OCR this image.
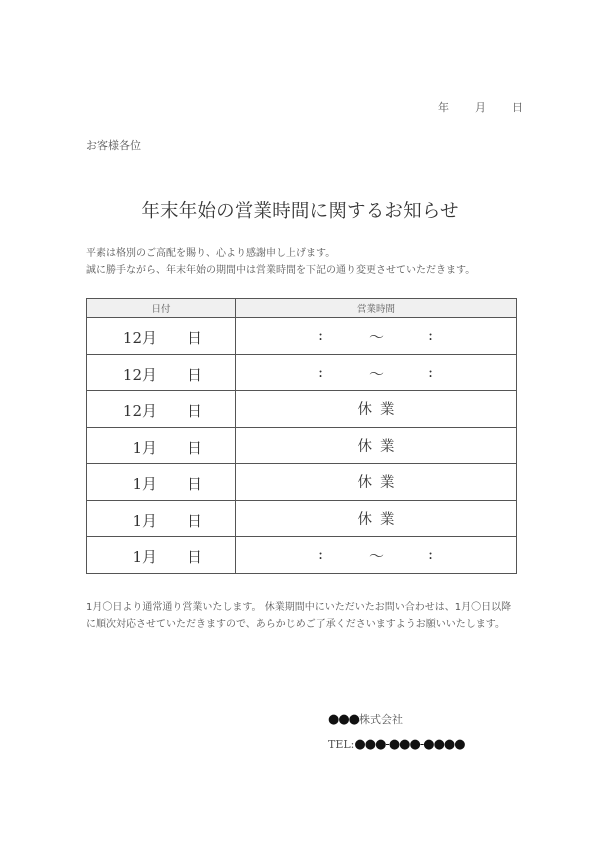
年 月 日
お客様各位
年末年始の営業時間に関するお知らせ
平素は格別のご高配を賜り、心より感謝申し上げます。
誠に勝手ながら、年末年始の期間中は営業時間を下記の通り変更させていただきます。
日付	営業時間

12月 日	: ～ :

12月 日	: ～ :

12月 日	休業

1月 日	休業

1月 日	休業

1月 日	休業

1月 日	: ～ :
1月〇日より通常通り営業いたします。 休業期間中にいただいたお問い合わせは、1月〇日以降
に順次対応させていただきますので、あらかじめご了承くださいますようお願いいたします。
●●●株式会社
TEL:●●●-●●●-●●●●
